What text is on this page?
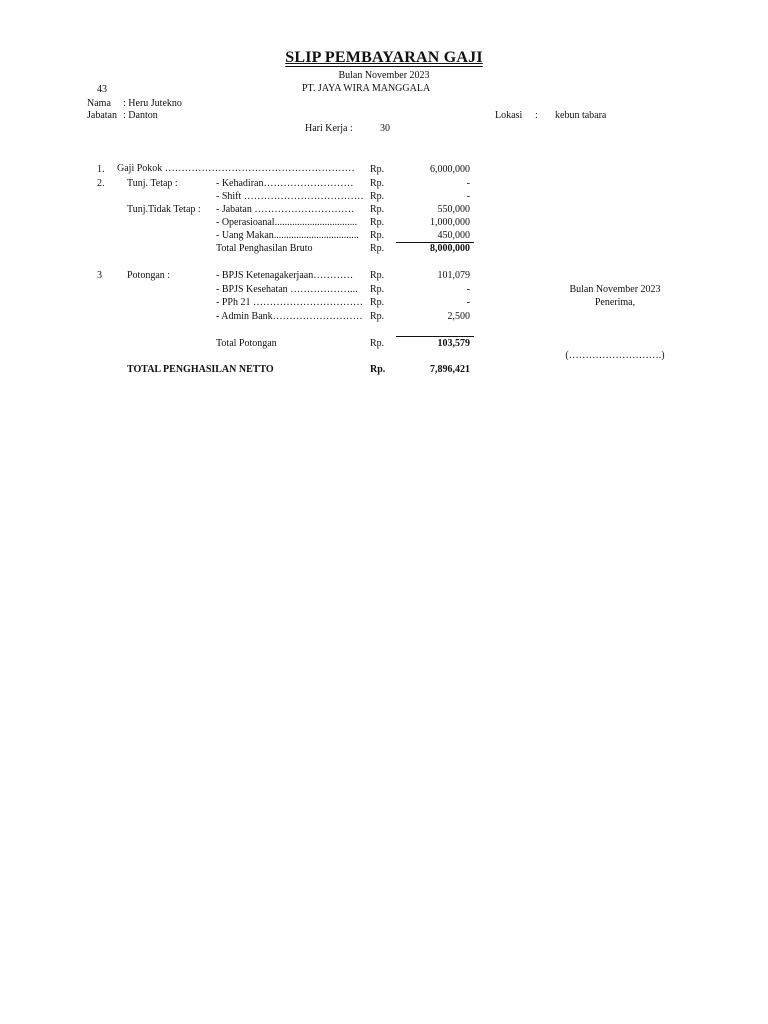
SLIP PEMBAYARAN GAJI
Bulan November 2023
43	PT. JAYA WIRA MANGGALA
Nama : Heru Jutekno
Jabatan : Danton	Lokasi : kebun tabara
Hari Kerja :	30
1. Gaji Pokok ………………………………………………… Rp.	6,000,000
2. Tunj. Tetap :	- Kehadiran……………………… Rp.	-
- Shift ……………………………… Rp.	-
Tunj.Tidak Tetap : - Jabatan ………………………… Rp.	550,000
- Operasioanal................................. Rp.	1,000,000
- Uang Makan.................................. Rp.	450,000
Total Penghasilan Bruto	Rp.	8,000,000
3	Potongan :	- BPJS Ketenagakerjaan………… Rp.	101,079
- BPJS Kesehatan ………………... Rp.	-
- PPh 21 …………………………… Rp.	-
- Admin Bank……………………… Rp.	2,500
Total Potongan	Rp.	103,579
TOTAL PENGHASILAN NETTO	Rp.	7,896,421
Bulan November 2023
Penerima,
(……………………….)
